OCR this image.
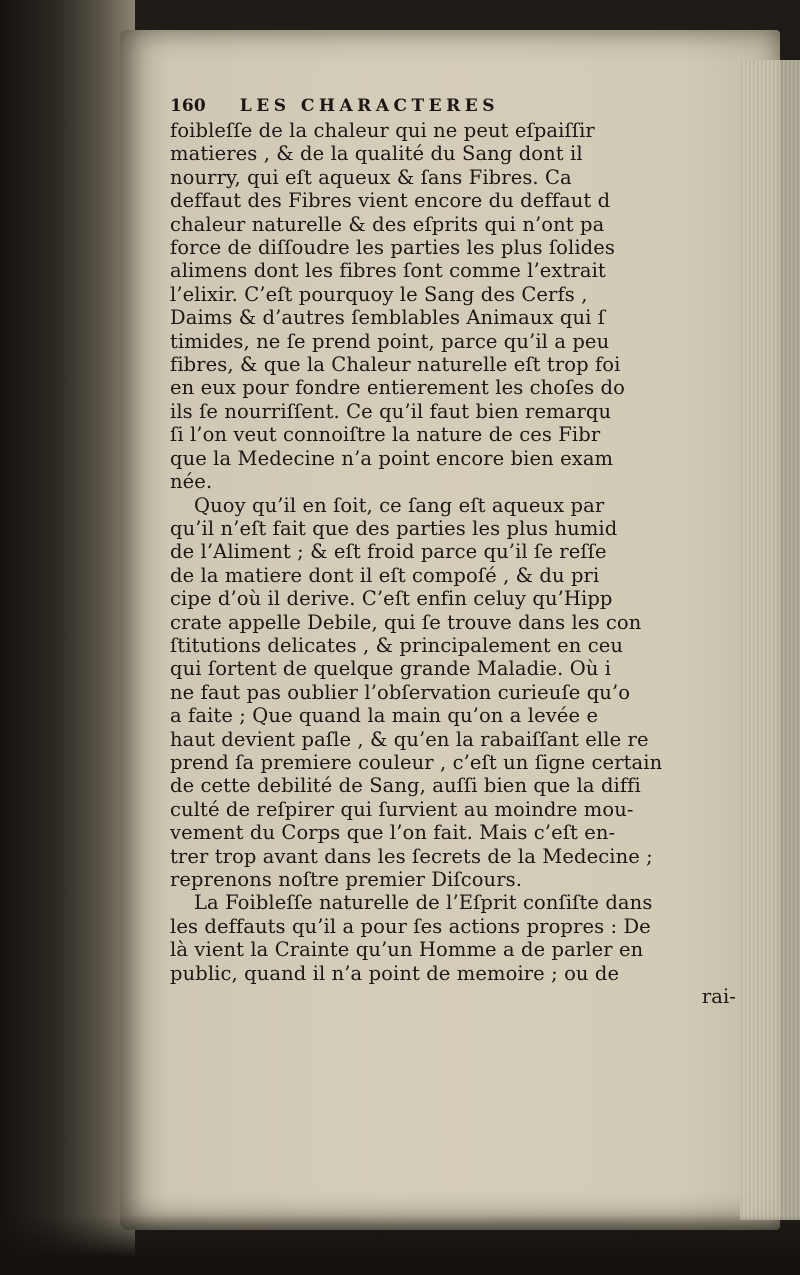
160 LES CHARACTERES
foibleſſe de la chaleur qui ne peut eſpaiſſir
matieres , & de la qualité du Sang dont il
nourry, qui eſt aqueux & ſans Fibres. Ca
deffaut des Fibres vient encore du deffaut d
chaleur naturelle & des eſprits qui n’ont pa
force de diſſoudre les parties les plus ſolides
alimens dont les fibres ſont comme l’extrait
l’elixir. C’eſt pourquoy le Sang des Cerfs ,
Daims & d’autres ſemblables Animaux qui ſ
timides, ne ſe prend point, parce qu’il a peu
fibres, & que la Chaleur naturelle eſt trop foi
en eux pour fondre entierement les choſes do
ils ſe nourriſſent. Ce qu’il faut bien remarqu
ſi l’on veut connoiſtre la nature de ces Fibr
que la Medecine n’a point encore bien exam
née.
Quoy qu’il en ſoit, ce ſang eſt aqueux par
qu’il n’eſt fait que des parties les plus humid
de l’Aliment ; & eſt froid parce qu’il ſe reſſe
de la matiere dont il eſt compoſé , & du pri
cipe d’où il derive. C’eſt enfin celuy qu’Hipp
crate appelle Debile, qui ſe trouve dans les con
ſtitutions delicates , & principalement en ceu
qui ſortent de quelque grande Maladie. Où i
ne faut pas oublier l’obſervation curieuſe qu’o
a faite ; Que quand la main qu’on a levée e
haut devient paſle , & qu’en la rabaiſſant elle re
prend ſa premiere couleur , c’eſt un ſigne certain
de cette debilité de Sang, auſſi bien que la diffi
culté de reſpirer qui ſurvient au moindre mou-
vement du Corps que l’on fait. Mais c’eſt en-
trer trop avant dans les ſecrets de la Medecine ;
reprenons noſtre premier Diſcours.
La Foibleſſe naturelle de l’Eſprit conſiſte dans
les deffauts qu’il a pour ſes actions propres : De
là vient la Crainte qu’un Homme a de parler en
public, quand il n’a point de memoire ; ou de
rai-
